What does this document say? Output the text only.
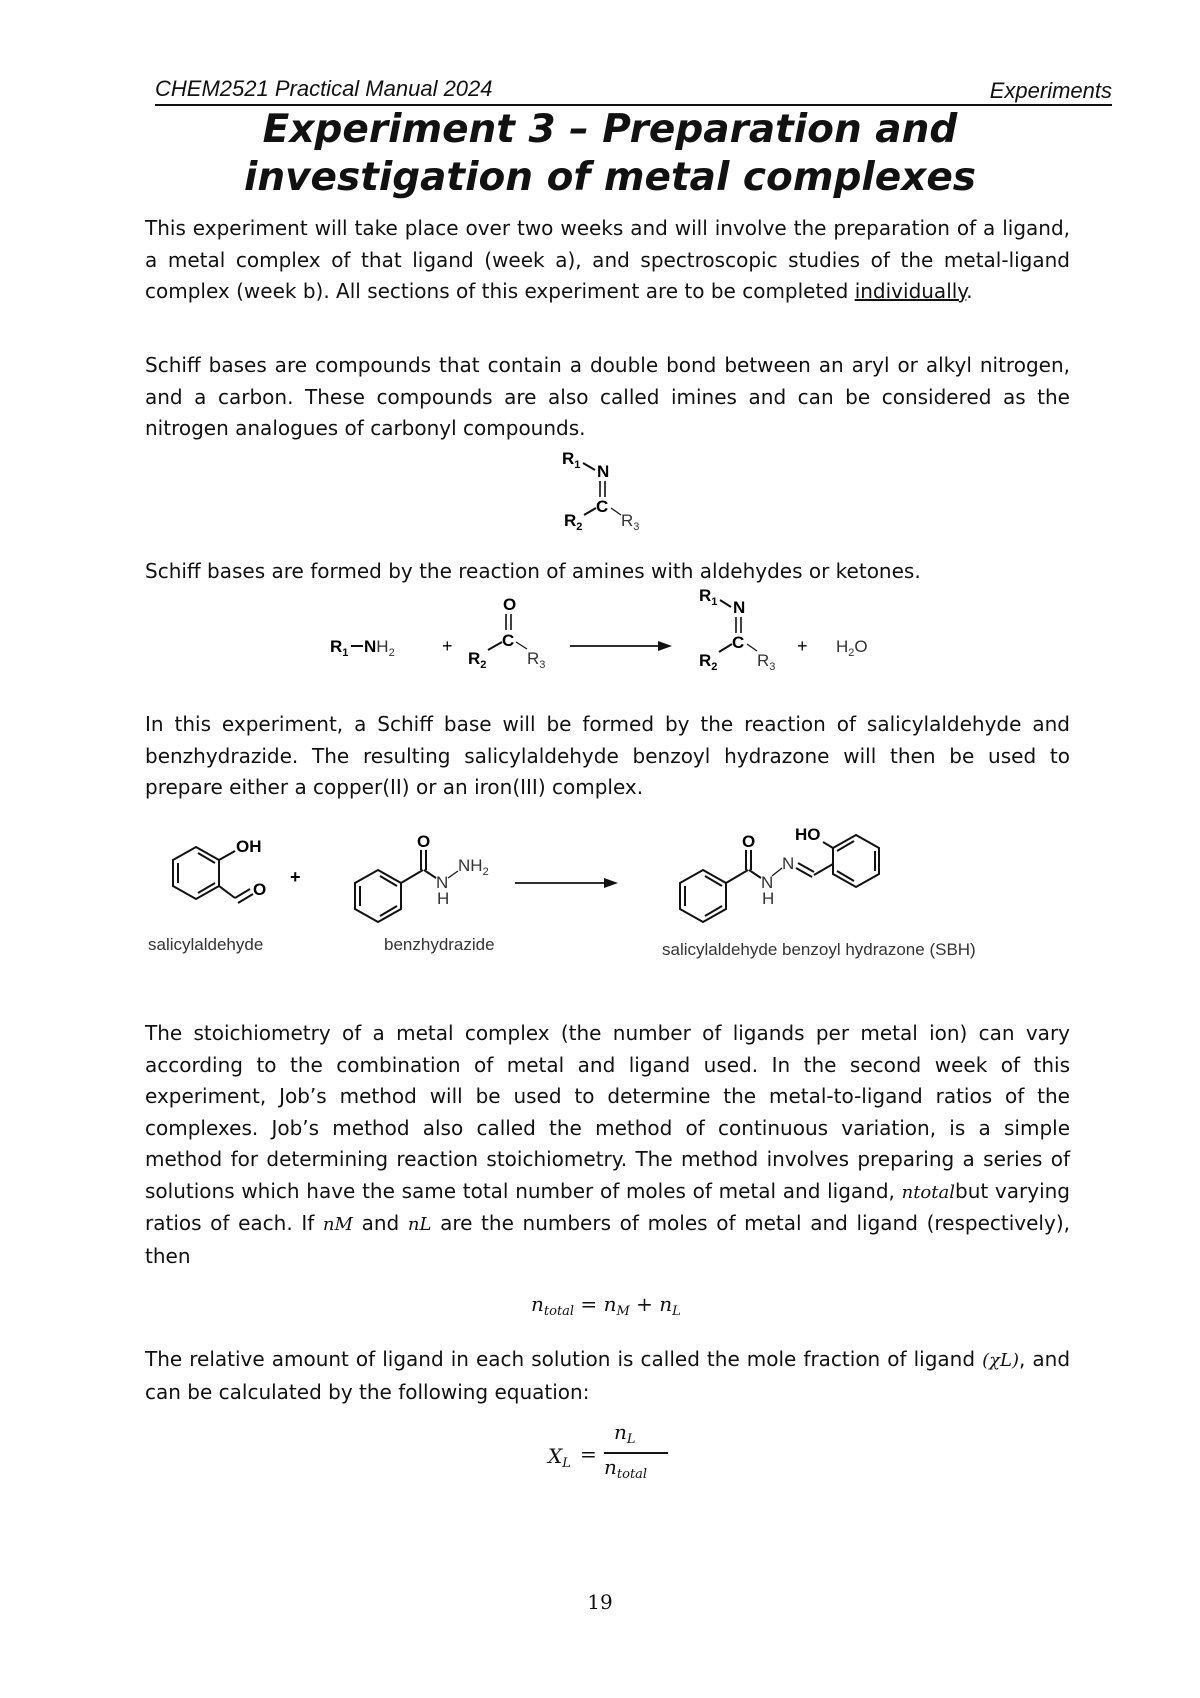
CHEM2521 Practical Manual 2024	Experiments
Experiment 3 – Preparation and
investigation of metal complexes

This experiment will take place over two weeks and will involve the preparation of a ligand, a metal complex of that ligand (week a), and spectroscopic studies of the metal-ligand complex (week b). All sections of this experiment are to be completed individually.

Schiff bases are compounds that contain a double bond between an aryl or alkyl nitrogen, and a carbon. These compounds are also called imines and can be considered as the nitrogen analogues of carbonyl compounds.

$R_1$ N
C
$R_2$ $R_3$

Schiff bases are formed by the reaction of amines with aldehydes or ketones.

$R_1$ $NH_2$	+
O
C
$R_2$ $R_3$
$R_1$ N
C
$R_2$ $R_3$
+ $H_2O$

In this experiment, a Schiff base will be formed by the reaction of salicylaldehyde and benzhydrazide. The resulting salicylaldehyde benzoyl hydrazone will then be used to prepare either a copper(II) or an iron(III) complex.

OH
O
+
O
$NH_2$
N
H
HO
O
N
H
N
salicylaldehyde	benzhydrazide	salicylaldehyde benzoyl hydrazone (SBH)

The stoichiometry of a metal complex (the number of ligands per metal ion) can vary according to the combination of metal and ligand used. In the second week of this experiment, Job’s method will be used to determine the metal-to-ligand ratios of the complexes. Job’s method also called the method of continuous variation, is a simple method for determining reaction stoichiometry. The method involves preparing a series of solutions which have the same total number of moles of metal and ligand, ntotalbut varying ratios of each. If nM and nL are the numbers of moles of metal and ligand (respectively), then

$n_{total} = n_M + n_L$

The relative amount of ligand in each solution is called the mole fraction of ligand (χL), and can be calculated by the following equation:

$X_L$ =
$n_L$
$n_{total}$
19
